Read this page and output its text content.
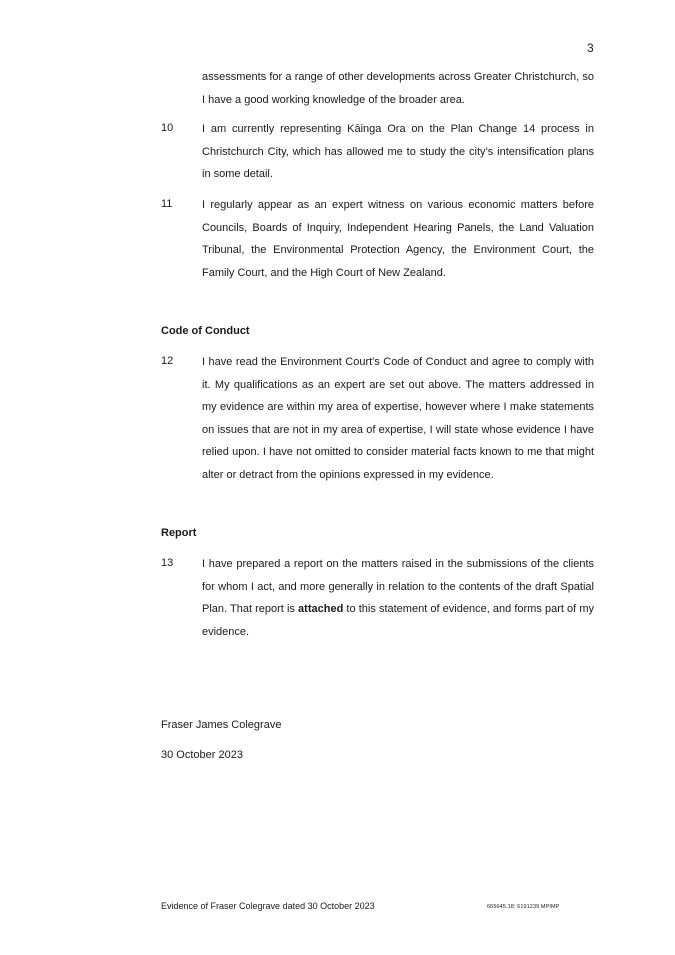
3
assessments for a range of other developments across Greater Christchurch, so I have a good working knowledge of the broader area.
10	I am currently representing Kāinga Ora on the Plan Change 14 process in Christchurch City, which has allowed me to study the city’s intensification plans in some detail.
11	I regularly appear as an expert witness on various economic matters before Councils, Boards of Inquiry, Independent Hearing Panels, the Land Valuation Tribunal, the Environmental Protection Agency, the Environment Court, the Family Court, and the High Court of New Zealand.
Code of Conduct
12	I have read the Environment Court's Code of Conduct and agree to comply with it. My qualifications as an expert are set out above. The matters addressed in my evidence are within my area of expertise, however where I make statements on issues that are not in my area of expertise, I will state whose evidence I have relied upon. I have not omitted to consider material facts known to me that might alter or detract from the opinions expressed in my evidence.
Report
13	I have prepared a report on the matters raised in the submissions of the clients for whom I act, and more generally in relation to the contents of the draft Spatial Plan. That report is attached to this statement of evidence, and forms part of my evidence.
Fraser James Colegrave
30 October 2023
Evidence of Fraser Colegrave dated 30 October 2023	665645.18: 6191239 MPIMP
